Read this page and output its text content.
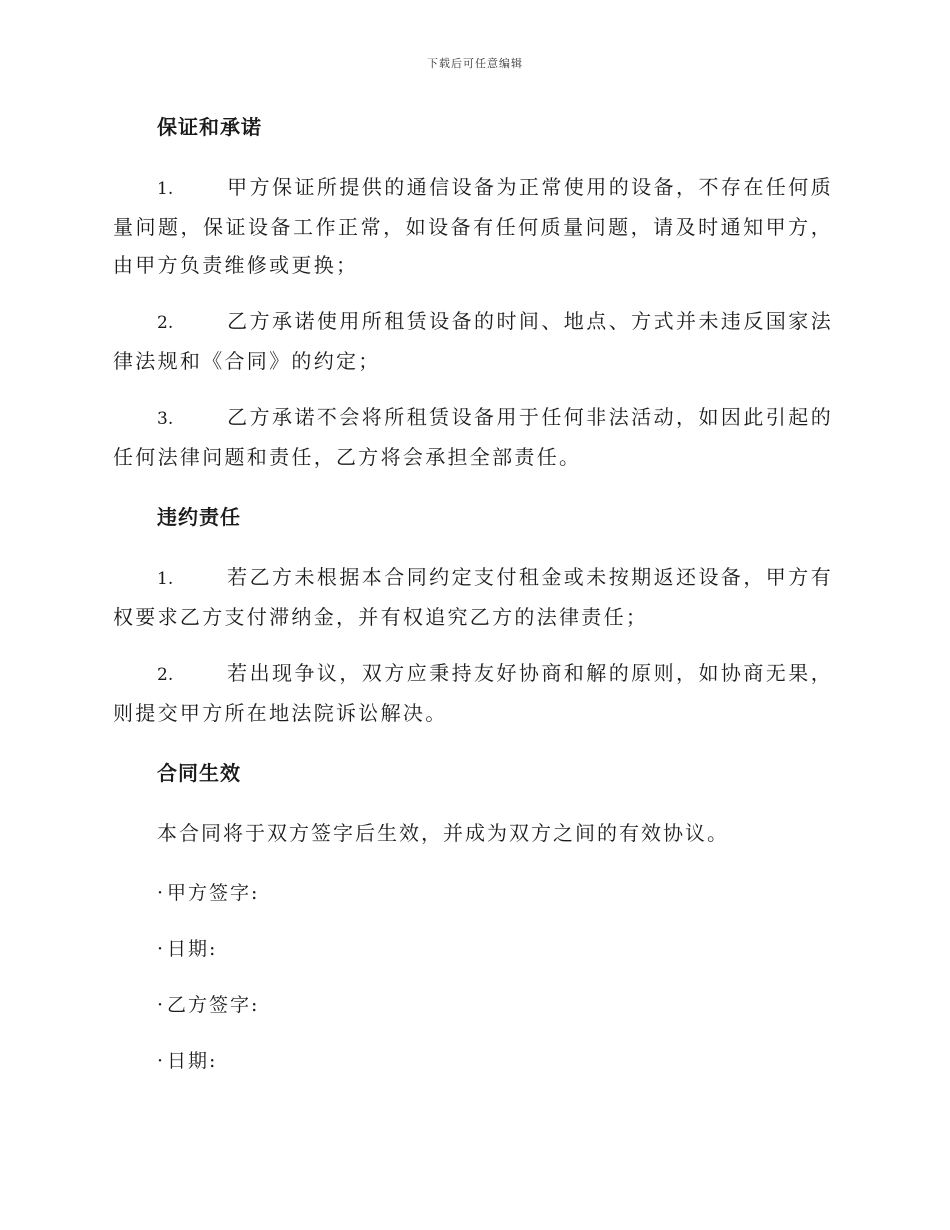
下载后可任意编辑
保证和承诺

1.	甲方保证所提供的通信设备为正常使用的设备，不存在任何质量问题，保证设备工作正常，如设备有任何质量问题，请及时通知甲方，由甲方负责维修或更换；

2.	乙方承诺使用所租赁设备的时间、地点、方式并未违反国家法律法规和《合同》的约定；

3.	乙方承诺不会将所租赁设备用于任何非法活动，如因此引起的任何法律问题和责任，乙方将会承担全部责任。

违约责任

1.	若乙方未根据本合同约定支付租金或未按期返还设备，甲方有权要求乙方支付滞纳金，并有权追究乙方的法律责任；

2.	若出现争议，双方应秉持友好协商和解的原则，如协商无果，则提交甲方所在地法院诉讼解决。

合同生效

本合同将于双方签字后生效，并成为双方之间的有效协议。

· 甲方签字:

· 日期:

· 乙方签字:

· 日期:
